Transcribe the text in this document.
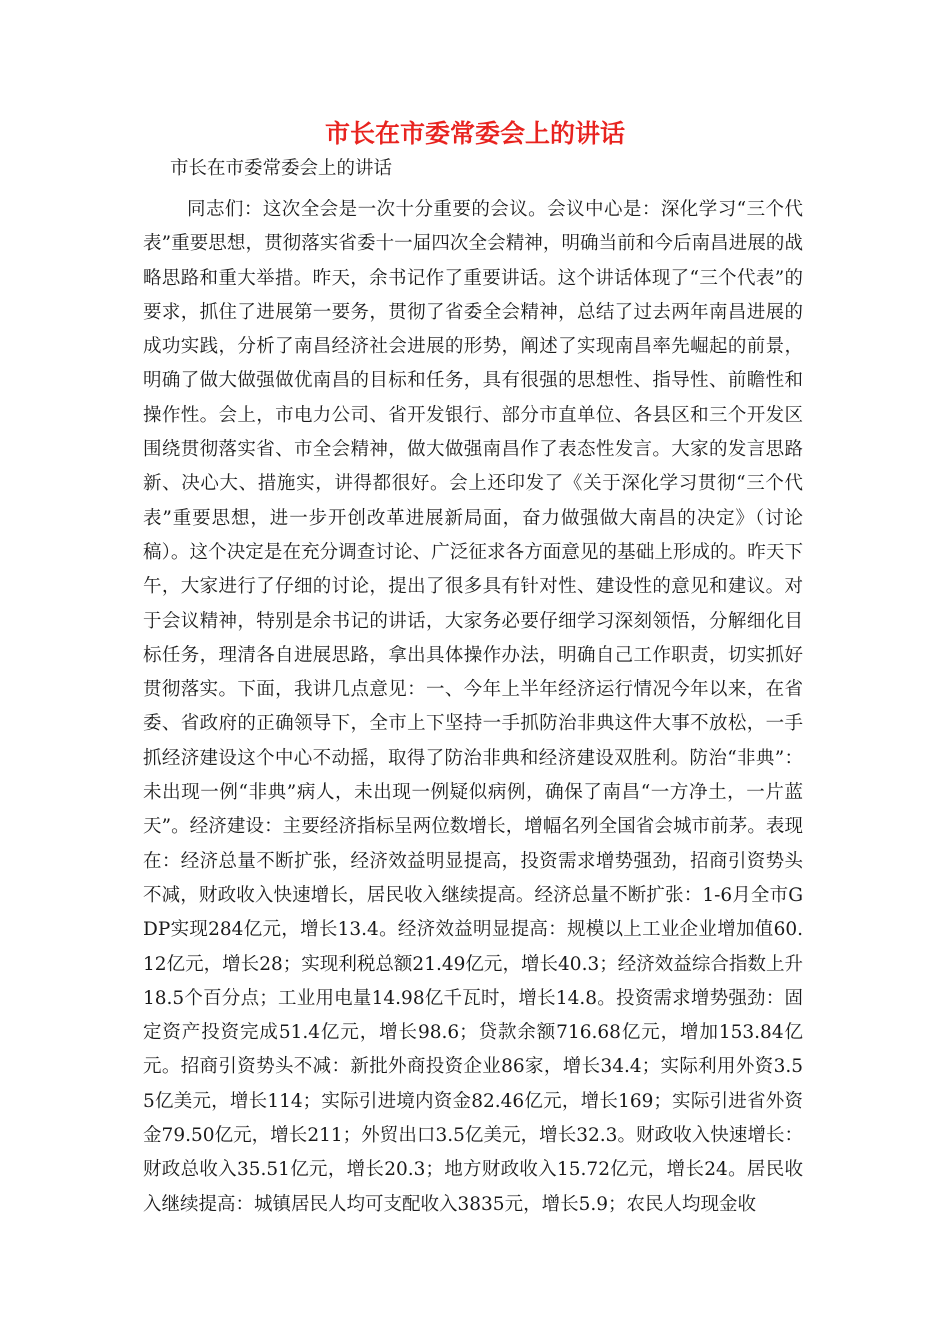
市长在市委常委会上的讲话

市长在市委常委会上的讲话

同志们：这次全会是一次十分重要的会议。会议中心是：深化学习“三个代表”重要思想，贯彻落实省委十一届四次全会精神，明确当前和今后南昌进展的战略思路和重大举措。昨天，余书记作了重要讲话。这个讲话体现了“三个代表”的要求，抓住了进展第一要务，贯彻了省委全会精神，总结了过去两年南昌进展的成功实践，分析了南昌经济社会进展的形势，阐述了实现南昌率先崛起的前景，明确了做大做强做优南昌的目标和任务，具有很强的思想性、指导性、前瞻性和操作性。会上，市电力公司、省开发银行、部分市直单位、各县区和三个开发区围绕贯彻落实省、市全会精神，做大做强南昌作了表态性发言。大家的发言思路新、决心大、措施实，讲得都很好。会上还印发了《关于深化学习贯彻“三个代表”重要思想，进一步开创改革进展新局面，奋力做强做大南昌的决定》（讨论稿）。这个决定是在充分调查讨论、广泛征求各方面意见的基础上形成的。昨天下午，大家进行了仔细的讨论，提出了很多具有针对性、建设性的意见和建议。对于会议精神，特别是余书记的讲话，大家务必要仔细学习深刻领悟，分解细化目标任务，理清各自进展思路，拿出具体操作办法，明确自己工作职责，切实抓好贯彻落实。下面，我讲几点意见：一、今年上半年经济运行情况今年以来，在省委、省政府的正确领导下，全市上下坚持一手抓防治非典这件大事不放松，一手抓经济建设这个中心不动摇，取得了防治非典和经济建设双胜利。防治“非典”：未出现一例“非典”病人，未出现一例疑似病例，确保了南昌“一方净土，一片蓝天”。经济建设：主要经济指标呈两位数增长，增幅名列全国省会城市前茅。表现在：经济总量不断扩张，经济效益明显提高，投资需求增势强劲，招商引资势头不减，财政收入快速增长，居民收入继续提高。经济总量不断扩张：1-6月全市GDP实现284亿元，增长13.4。经济效益明显提高：规模以上工业企业增加值60.12亿元，增长28；实现利税总额21.49亿元，增长40.3；经济效益综合指数上升18.5个百分点；工业用电量14.98亿千瓦时，增长14.8。投资需求增势强劲：固定资产投资完成51.4亿元，增长98.6；贷款余额716.68亿元，增加153.84亿元。招商引资势头不减：新批外商投资企业86家，增长34.4；实际利用外资3.55亿美元，增长114；实际引进境内资金82.46亿元，增长169；实际引进省外资金79.50亿元，增长211；外贸出口3.5亿美元，增长32.3。财政收入快速增长：财政总收入35.51亿元，增长20.3；地方财政收入15.72亿元，增长24。居民收入继续提高：城镇居民人均可支配收入3835元，增长5.9；农民人均现金收
